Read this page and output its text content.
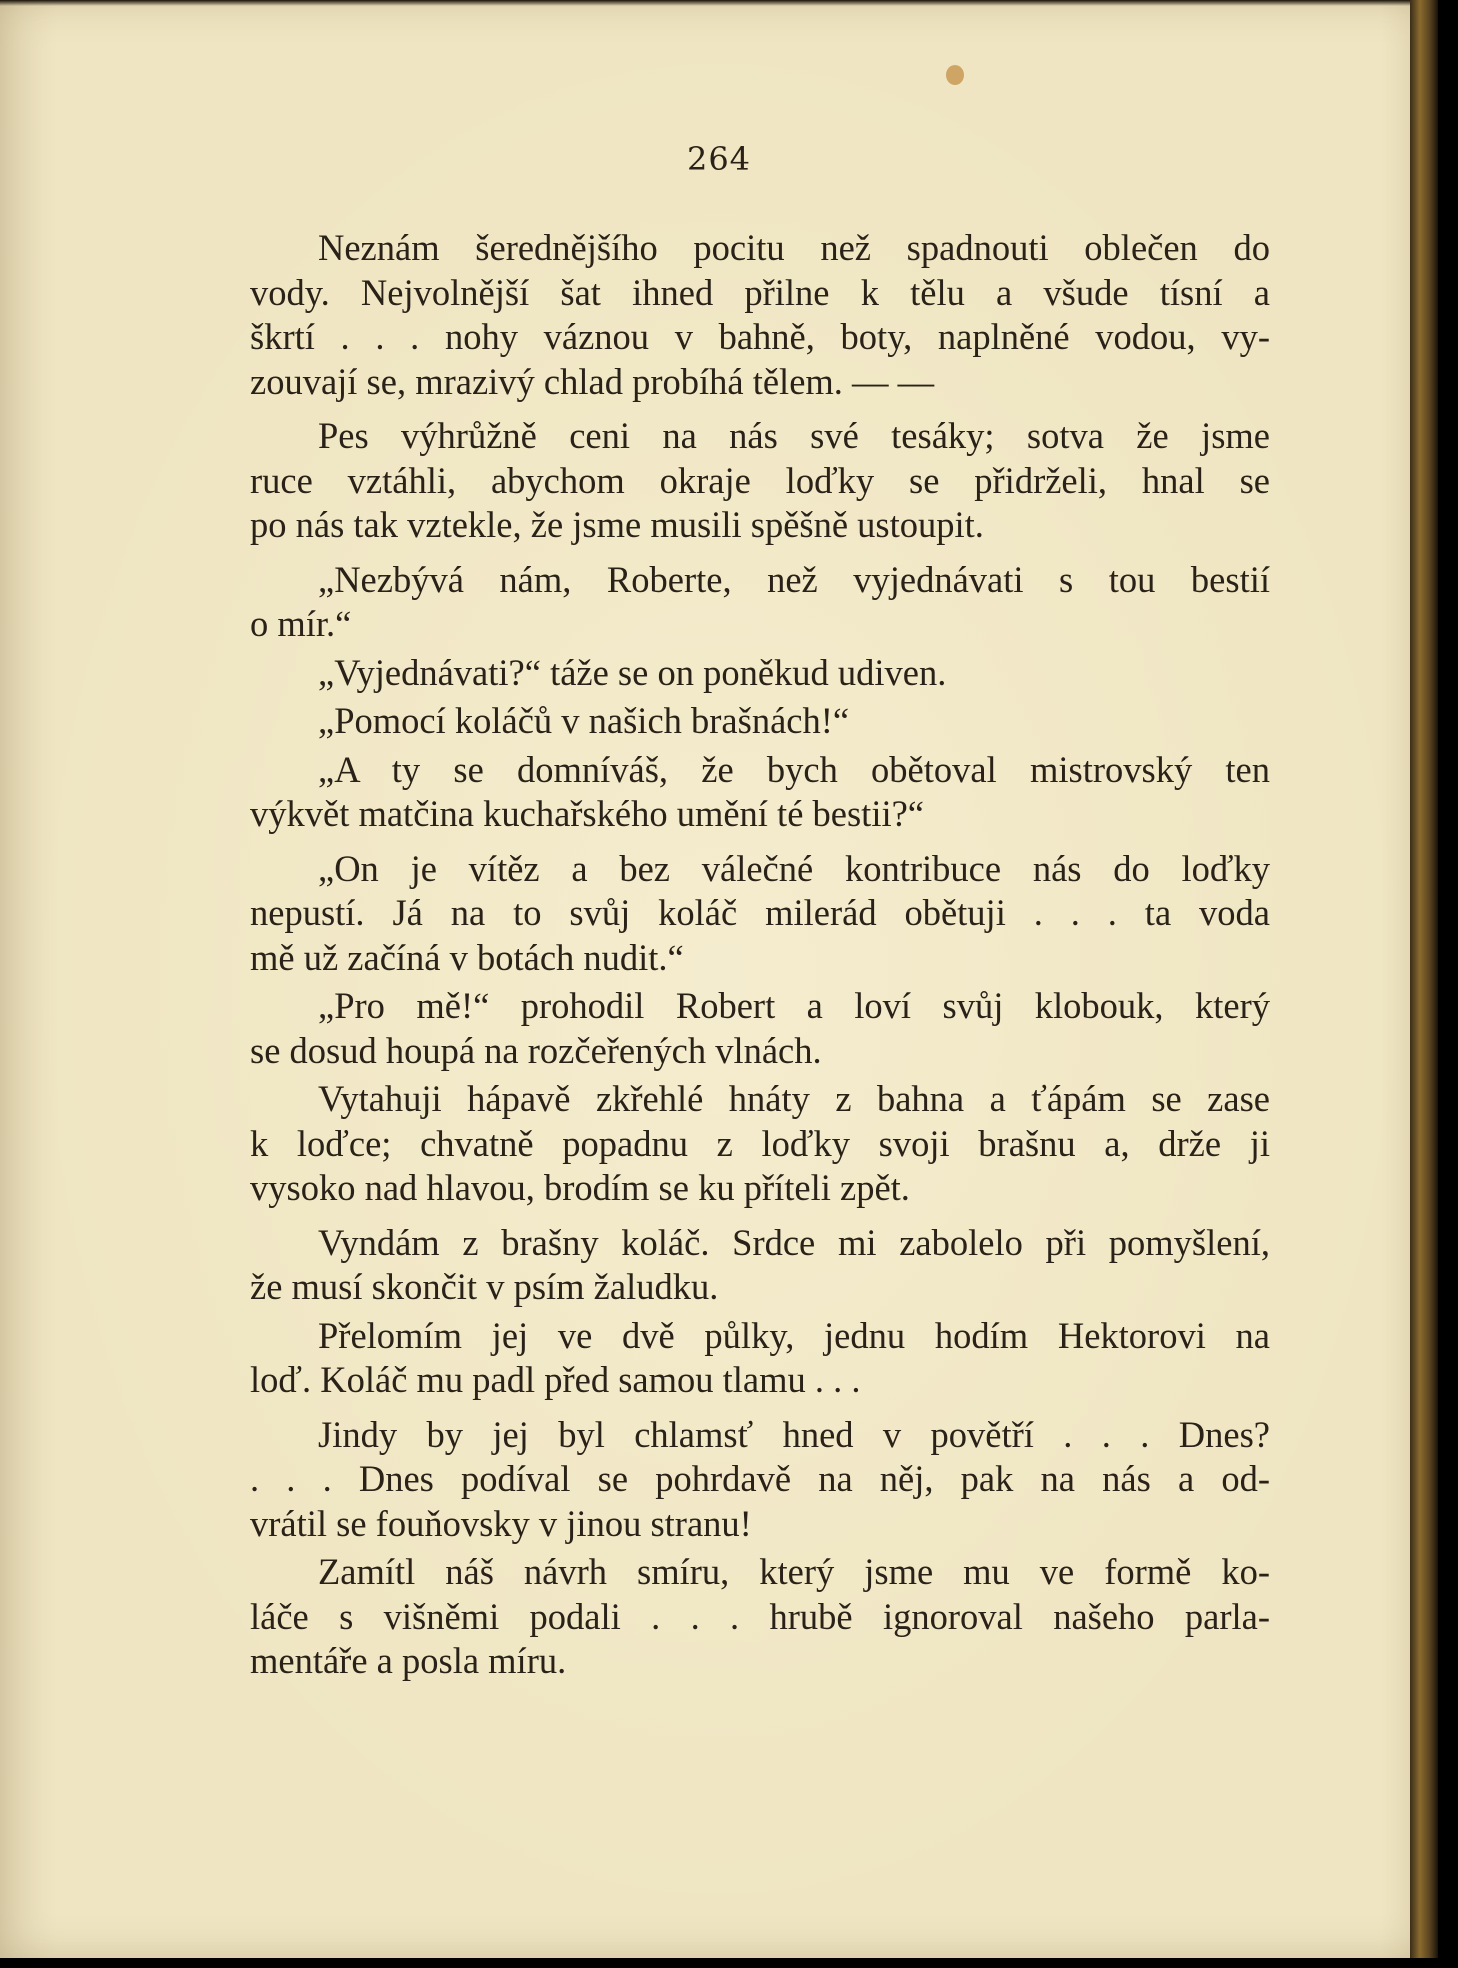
264
Neznám šerednějšího pocitu než spadnouti oblečen do
vody. Nejvolnější šat ihned přilne k tělu a všude tísní a
škrtí . . . nohy váznou v bahně, boty, naplněné vodou, vy-
zouvají se, mrazivý chlad probíhá tělem. — —
Pes výhrůžně ceni na nás své tesáky; sotva že jsme
ruce vztáhli, abychom okraje loďky se přidrželi, hnal se
po nás tak vztekle, že jsme musili spěšně ustoupit.
„Nezbývá nám, Roberte, než vyjednávati s tou bestií
o mír.“
„Vyjednávati?“ táže se on poněkud udiven.
„Pomocí koláčů v našich brašnách!“
„A ty se domníváš, že bych obětoval mistrovský ten
výkvět matčina kuchařského umění té bestii?“
„On je vítěz a bez válečné kontribuce nás do loďky
nepustí. Já na to svůj koláč milerád obětuji . . . ta voda
mě už začíná v botách nudit.“
„Pro mě!“ prohodil Robert a loví svůj klobouk, který
se dosud houpá na rozčeřených vlnách.
Vytahuji hápavě zkřehlé hnáty z bahna a ťápám se zase
k loďce; chvatně popadnu z loďky svoji brašnu a, drže ji
vysoko nad hlavou, brodím se ku příteli zpět.
Vyndám z brašny koláč. Srdce mi zabolelo při pomyšlení,
že musí skončit v psím žaludku.
Přelomím jej ve dvě půlky, jednu hodím Hektorovi na
loď. Koláč mu padl před samou tlamu . . .
Jindy by jej byl chlamsť hned v povětří . . . Dnes?
. . . Dnes podíval se pohrdavě na něj, pak na nás a od-
vrátil se fouňovsky v jinou stranu!
Zamítl náš návrh smíru, který jsme mu ve formě ko-
láče s višněmi podali . . . hrubě ignoroval našeho parla-
mentáře a posla míru.
